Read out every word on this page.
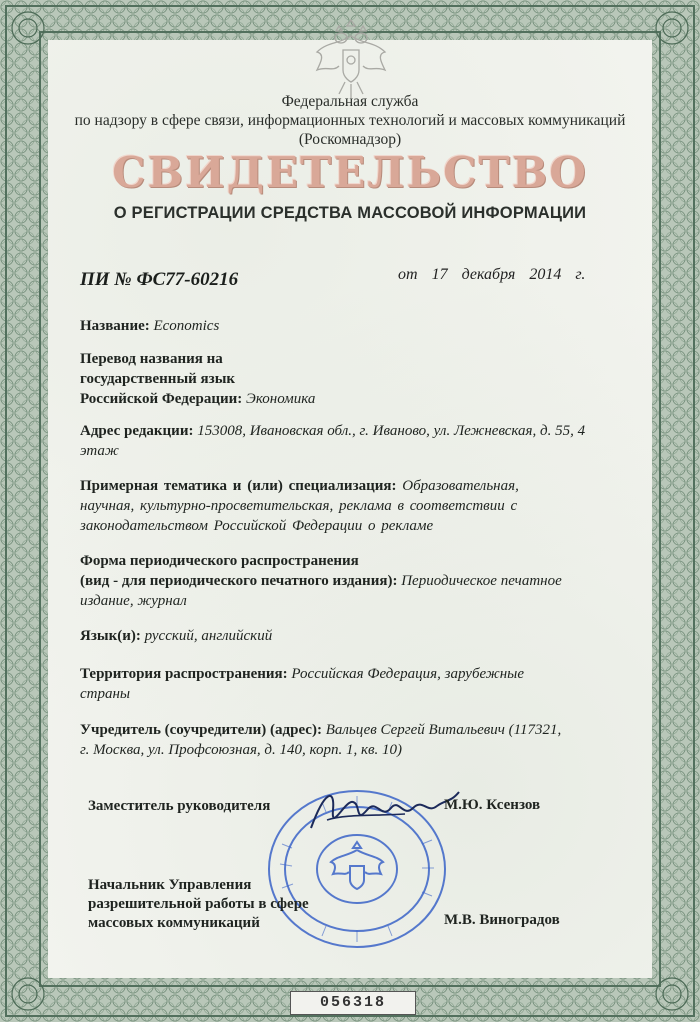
Федеральная служба
по надзору в сфере связи, информационных технологий и массовых коммуникаций
(Роскомнадзор)
СВИДЕТЕЛЬСТВО
О РЕГИСТРАЦИИ СРЕДСТВА МАССОВОЙ ИНФОРМАЦИИ
ПИ № ФС77-60216	от 17 декабря 2014 г.
Название: Economics
Перевод названия на
государственный язык
Российской Федерации: Экономика
Адрес редакции: 153008, Ивановская обл., г. Иваново, ул. Лежневская, д. 55, 4
этаж
Примерная тематика и (или) специализация: Образовательная,
научная, культурно-просветительская, реклама в соответствии с
законодательством Российской Федерации о рекламе
Форма периодического распространения
(вид - для периодического печатного издания): Периодическое печатное
издание, журнал
Язык(и): русский, английский
Территория распространения: Российская Федерация, зарубежные
страны
Учредитель (соучредители) (адрес): Вальцев Сергей Витальевич (117321,
г. Москва, ул. Профсоюзная, д. 140, корп. 1, кв. 10)
Заместитель руководителя	М.Ю. Ксензов
Начальник Управления
разрешительной работы в сфере
массовых коммуникаций	М.В. Виноградов
056318
